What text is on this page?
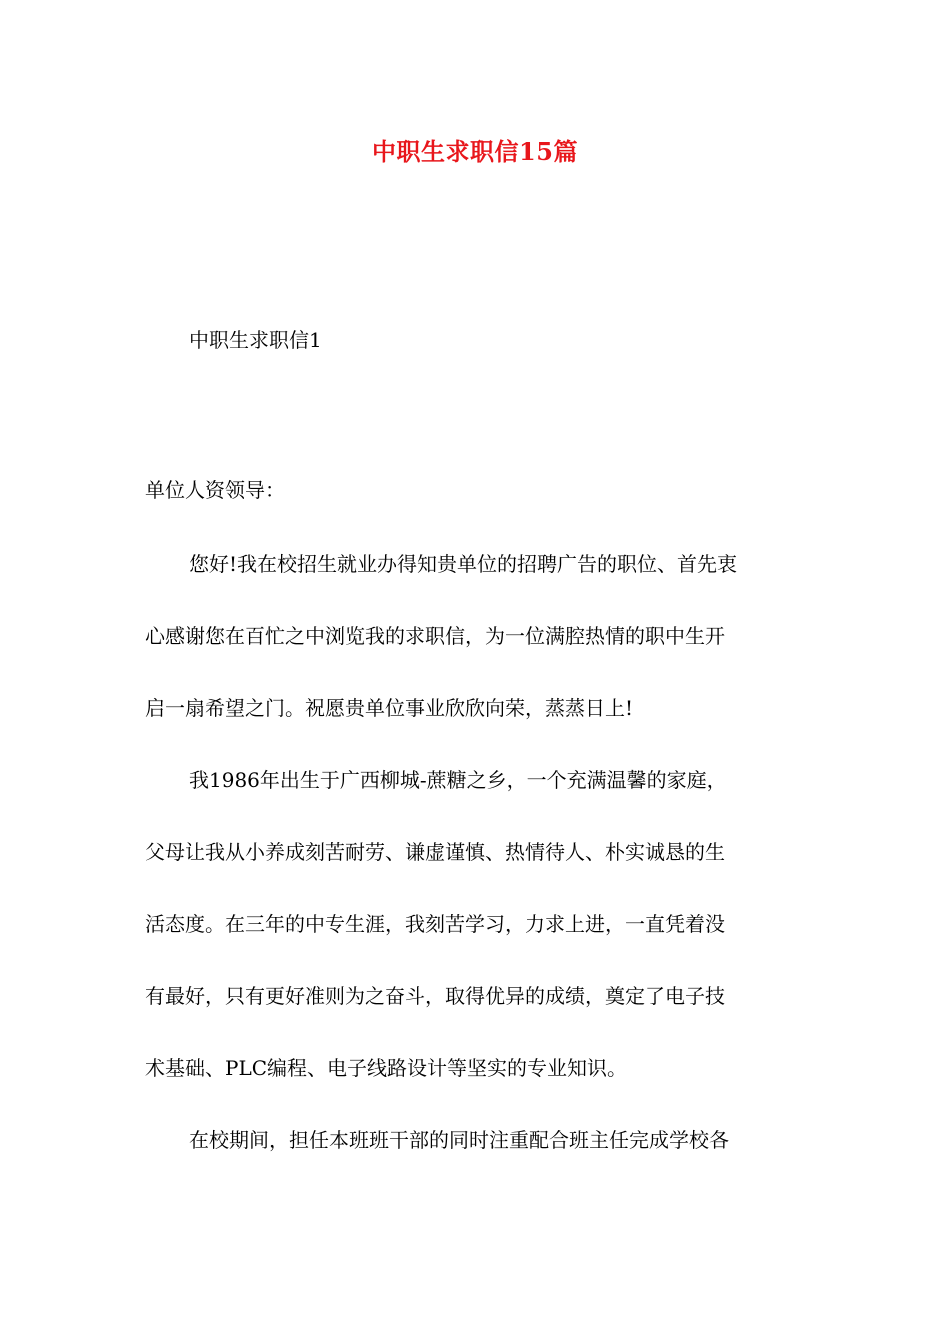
中职生求职信15篇
中职生求职信1
单位人资领导：
您好!我在校招生就业办得知贵单位的招聘广告的职位、首先衷
心感谢您在百忙之中浏览我的求职信，为一位满腔热情的职中生开
启一扇希望之门。祝愿贵单位事业欣欣向荣，蒸蒸日上!
我1986年出生于广西柳城-蔗糖之乡，一个充满温馨的家庭，
父母让我从小养成刻苦耐劳、谦虚谨慎、热情待人、朴实诚恳的生
活态度。在三年的中专生涯，我刻苦学习，力求上进，一直凭着没
有最好，只有更好准则为之奋斗，取得优异的成绩，奠定了电子技
术基础、PLC编程、电子线路设计等坚实的专业知识。
在校期间，担任本班班干部的同时注重配合班主任完成学校各
